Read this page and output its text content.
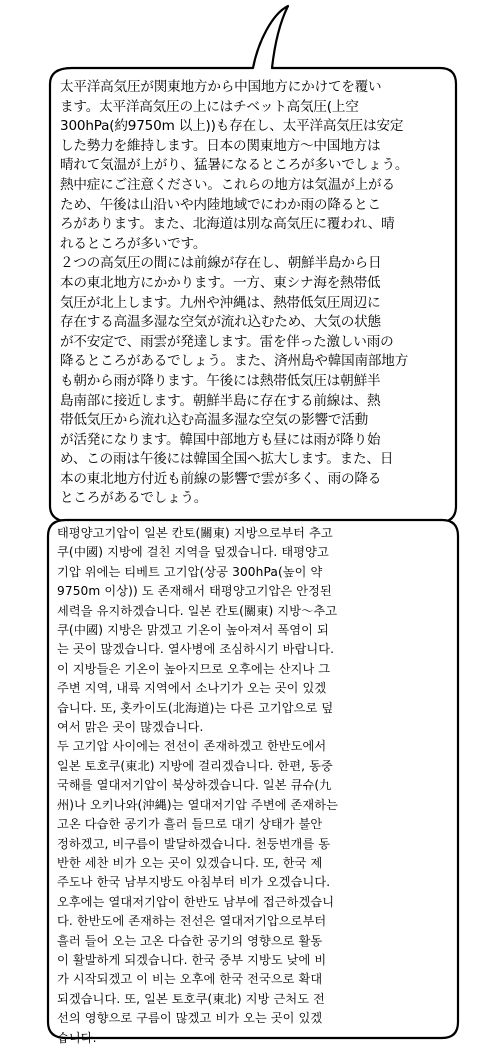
太平洋高気圧が関東地方から中国地方にかけてを覆い
ます。太平洋高気圧の上にはチベット高気圧(上空
300hPa(約9750m 以上))も存在し、太平洋高気圧は安定
した勢力を維持します。日本の関東地方～中国地方は
晴れて気温が上がり、猛暑になるところが多いでしょう。
熱中症にご注意ください。これらの地方は気温が上がる
ため、午後は山沿いや内陸地域でにわか雨の降るとこ
ろがあります。また、北海道は別な高気圧に覆われ、晴
れるところが多いです。
２つの高気圧の間には前線が存在し、朝鮮半島から日
本の東北地方にかかります。一方、東シナ海を熱帯低
気圧が北上します。九州や沖縄は、熱帯低気圧周辺に
存在する高温多湿な空気が流れ込むため、大気の状態
が不安定で、雨雲が発達します。雷を伴った激しい雨の
降るところがあるでしょう。また、済州島や韓国南部地方
も朝から雨が降ります。午後には熱帯低気圧は朝鮮半
島南部に接近します。朝鮮半島に存在する前線は、熱
帯低気圧から流れ込む高温多湿な空気の影響で活動
が活発になります。韓国中部地方も昼には雨が降り始
め、この雨は午後には韓国全国へ拡大します。また、日
本の東北地方付近も前線の影響で雲が多く、雨の降る
ところがあるでしょう。

태평양고기압이 일본 칸토(關東) 지방으로부터 추고
쿠(中國) 지방에 걸친 지역을 덮겠습니다. 태평양고
기압 위에는 티베트 고기압(상공 300hPa(높이 약
9750m 이상)) 도 존재해서 태평양고기압은 안정된
세력을 유지하겠습니다. 일본 칸토(關東) 지방～추고
쿠(中國) 지방은 맑겠고 기온이 높아져서 폭염이 되
는 곳이 많겠습니다. 열사병에 조심하시기 바랍니다.
이 지방들은 기온이 높아지므로 오후에는 산지나 그
주변 지역, 내륙 지역에서 소나기가 오는 곳이 있겠
습니다. 또, 홋카이도(北海道)는 다른 고기압으로 덮
여서 맑은 곳이 많겠습니다.
두 고기압 사이에는 전선이 존재하겠고 한반도에서
일본 토호쿠(東北) 지방에 걸리겠습니다. 한편, 동중
국해를 열대저기압이 북상하겠습니다. 일본 큐슈(九
州)나 오키나와(沖縄)는 열대저기압 주변에 존재하는
고온 다습한 공기가 흘러 들므로 대기 상태가 불안
정하겠고, 비구름이 발달하겠습니다. 천둥번개를 동
반한 세찬 비가 오는 곳이 있겠습니다. 또, 한국 제
주도나 한국 남부지방도 아침부터 비가 오겠습니다.
오후에는 열대저기압이 한반도 남부에 접근하겠습니
다. 한반도에 존재하는 전선은 열대저기압으로부터
흘러 들어 오는 고온 다습한 공기의 영향으로 활동
이 활발하게 되겠습니다. 한국 중부 지방도 낮에 비
가 시작되겠고 이 비는 오후에 한국 전국으로 확대
되겠습니다. 또, 일본 토호쿠(東北) 지방 근처도 전
선의 영향으로 구름이 많겠고 비가 오는 곳이 있겠
습니다.
